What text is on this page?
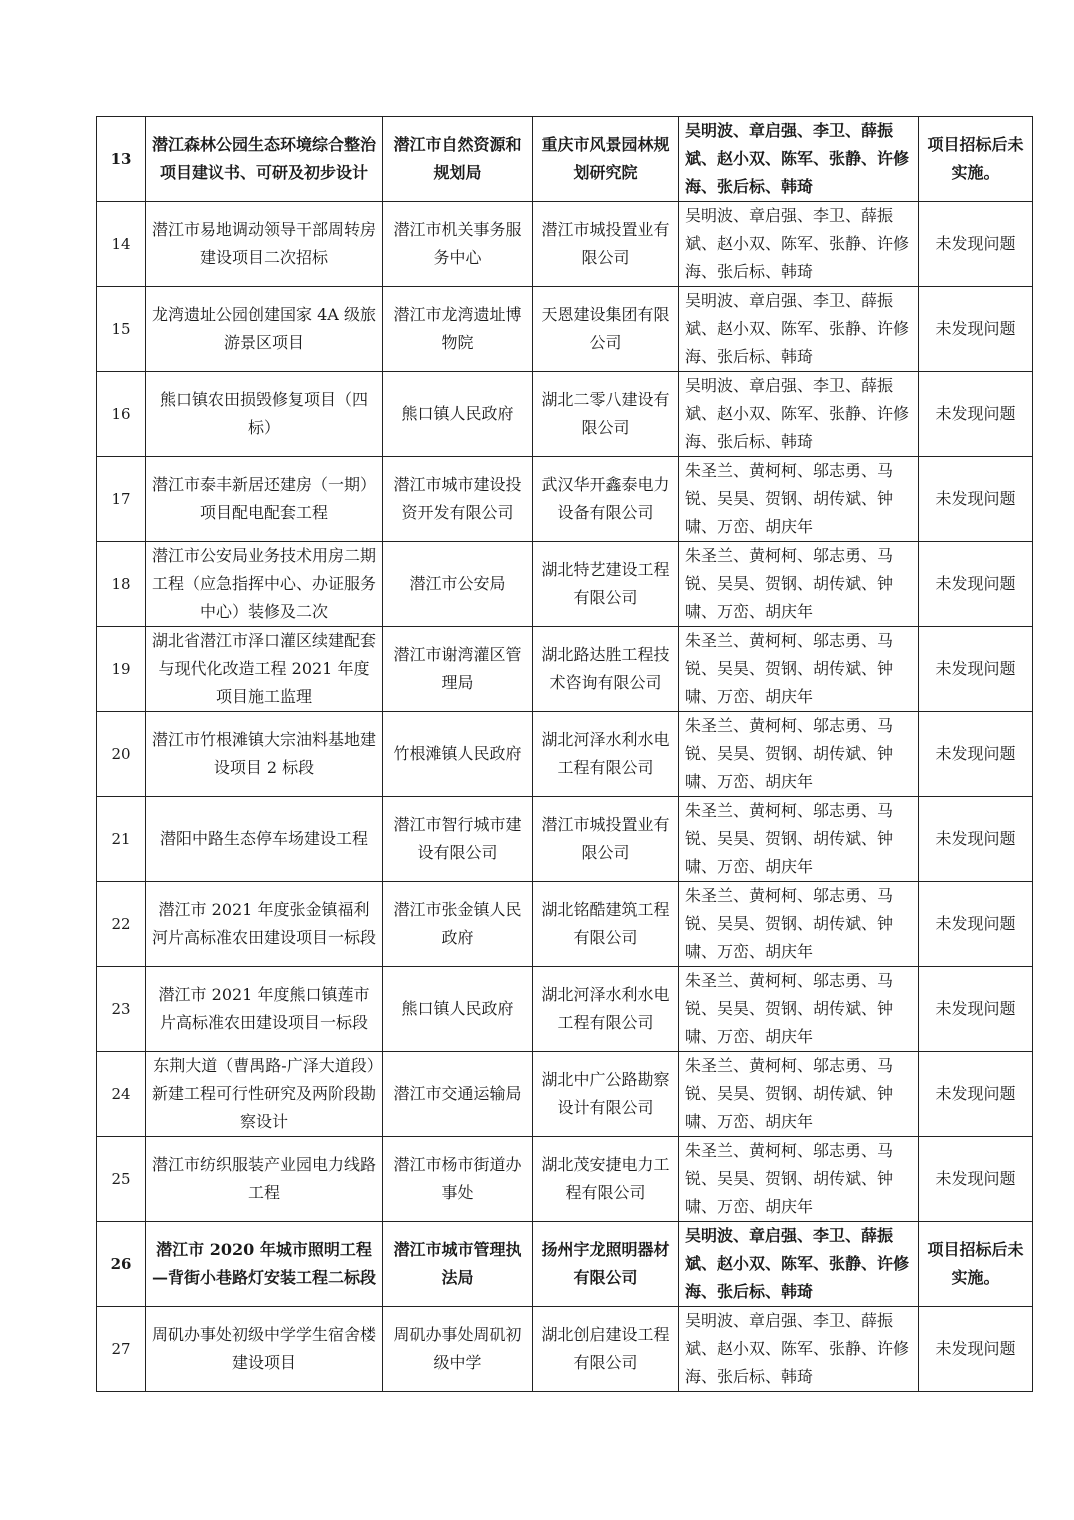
13	潜江森林公园生态环境综合整治项目建议书、可研及初步设计	潜江市自然资源和规划局	重庆市风景园林规划研究院	吴明波、章启强、李卫、薛振斌、赵小双、陈军、张静、许修海、张后标、韩琦	项目招标后未实施。
14	潜江市易地调动领导干部周转房建设项目二次招标	潜江市机关事务服务中心	潜江市城投置业有限公司	吴明波、章启强、李卫、薛振斌、赵小双、陈军、张静、许修海、张后标、韩琦	未发现问题
15	龙湾遗址公园创建国家 4A 级旅游景区项目	潜江市龙湾遗址博物院	天恩建设集团有限公司	吴明波、章启强、李卫、薛振斌、赵小双、陈军、张静、许修海、张后标、韩琦	未发现问题
16	熊口镇农田损毁修复项目（四标）	熊口镇人民政府	湖北二零八建设有限公司	吴明波、章启强、李卫、薛振斌、赵小双、陈军、张静、许修海、张后标、韩琦	未发现问题
17	潜江市泰丰新居还建房（一期）项目配电配套工程	潜江市城市建设投资开发有限公司	武汉华开鑫泰电力设备有限公司	朱圣兰、黄柯柯、邬志勇、马锐、吴昊、贺钢、胡传斌、钟啸、万峦、胡庆年	未发现问题
18	潜江市公安局业务技术用房二期工程（应急指挥中心、办证服务中心）装修及二次	潜江市公安局	湖北特艺建设工程有限公司	朱圣兰、黄柯柯、邬志勇、马锐、吴昊、贺钢、胡传斌、钟啸、万峦、胡庆年	未发现问题
19	湖北省潜江市泽口灌区续建配套与现代化改造工程 2021 年度项目施工监理	潜江市谢湾灌区管理局	湖北路达胜工程技术咨询有限公司	朱圣兰、黄柯柯、邬志勇、马锐、吴昊、贺钢、胡传斌、钟啸、万峦、胡庆年	未发现问题
20	潜江市竹根滩镇大宗油料基地建设项目 2 标段	竹根滩镇人民政府	湖北河泽水利水电工程有限公司	朱圣兰、黄柯柯、邬志勇、马锐、吴昊、贺钢、胡传斌、钟啸、万峦、胡庆年	未发现问题
21	潜阳中路生态停车场建设工程	潜江市智行城市建设有限公司	潜江市城投置业有限公司	朱圣兰、黄柯柯、邬志勇、马锐、吴昊、贺钢、胡传斌、钟啸、万峦、胡庆年	未发现问题
22	潜江市 2021 年度张金镇福利河片高标准农田建设项目一标段	潜江市张金镇人民政府	湖北铭酷建筑工程有限公司	朱圣兰、黄柯柯、邬志勇、马锐、吴昊、贺钢、胡传斌、钟啸、万峦、胡庆年	未发现问题
23	潜江市 2021 年度熊口镇莲市片高标准农田建设项目一标段	熊口镇人民政府	湖北河泽水利水电工程有限公司	朱圣兰、黄柯柯、邬志勇、马锐、吴昊、贺钢、胡传斌、钟啸、万峦、胡庆年	未发现问题
24	东荆大道（曹禺路-广泽大道段）新建工程可行性研究及两阶段勘察设计	潜江市交通运输局	湖北中广公路勘察设计有限公司	朱圣兰、黄柯柯、邬志勇、马锐、吴昊、贺钢、胡传斌、钟啸、万峦、胡庆年	未发现问题
25	潜江市纺织服装产业园电力线路工程	潜江市杨市街道办事处	湖北茂安捷电力工程有限公司	朱圣兰、黄柯柯、邬志勇、马锐、吴昊、贺钢、胡传斌、钟啸、万峦、胡庆年	未发现问题
26	潜江市 2020 年城市照明工程—背街小巷路灯安装工程二标段	潜江市城市管理执法局	扬州宇龙照明器材有限公司	吴明波、章启强、李卫、薛振斌、赵小双、陈军、张静、许修海、张后标、韩琦	项目招标后未实施。
27	周矶办事处初级中学学生宿舍楼建设项目	周矶办事处周矶初级中学	湖北创启建设工程有限公司	吴明波、章启强、李卫、薛振斌、赵小双、陈军、张静、许修海、张后标、韩琦	未发现问题
